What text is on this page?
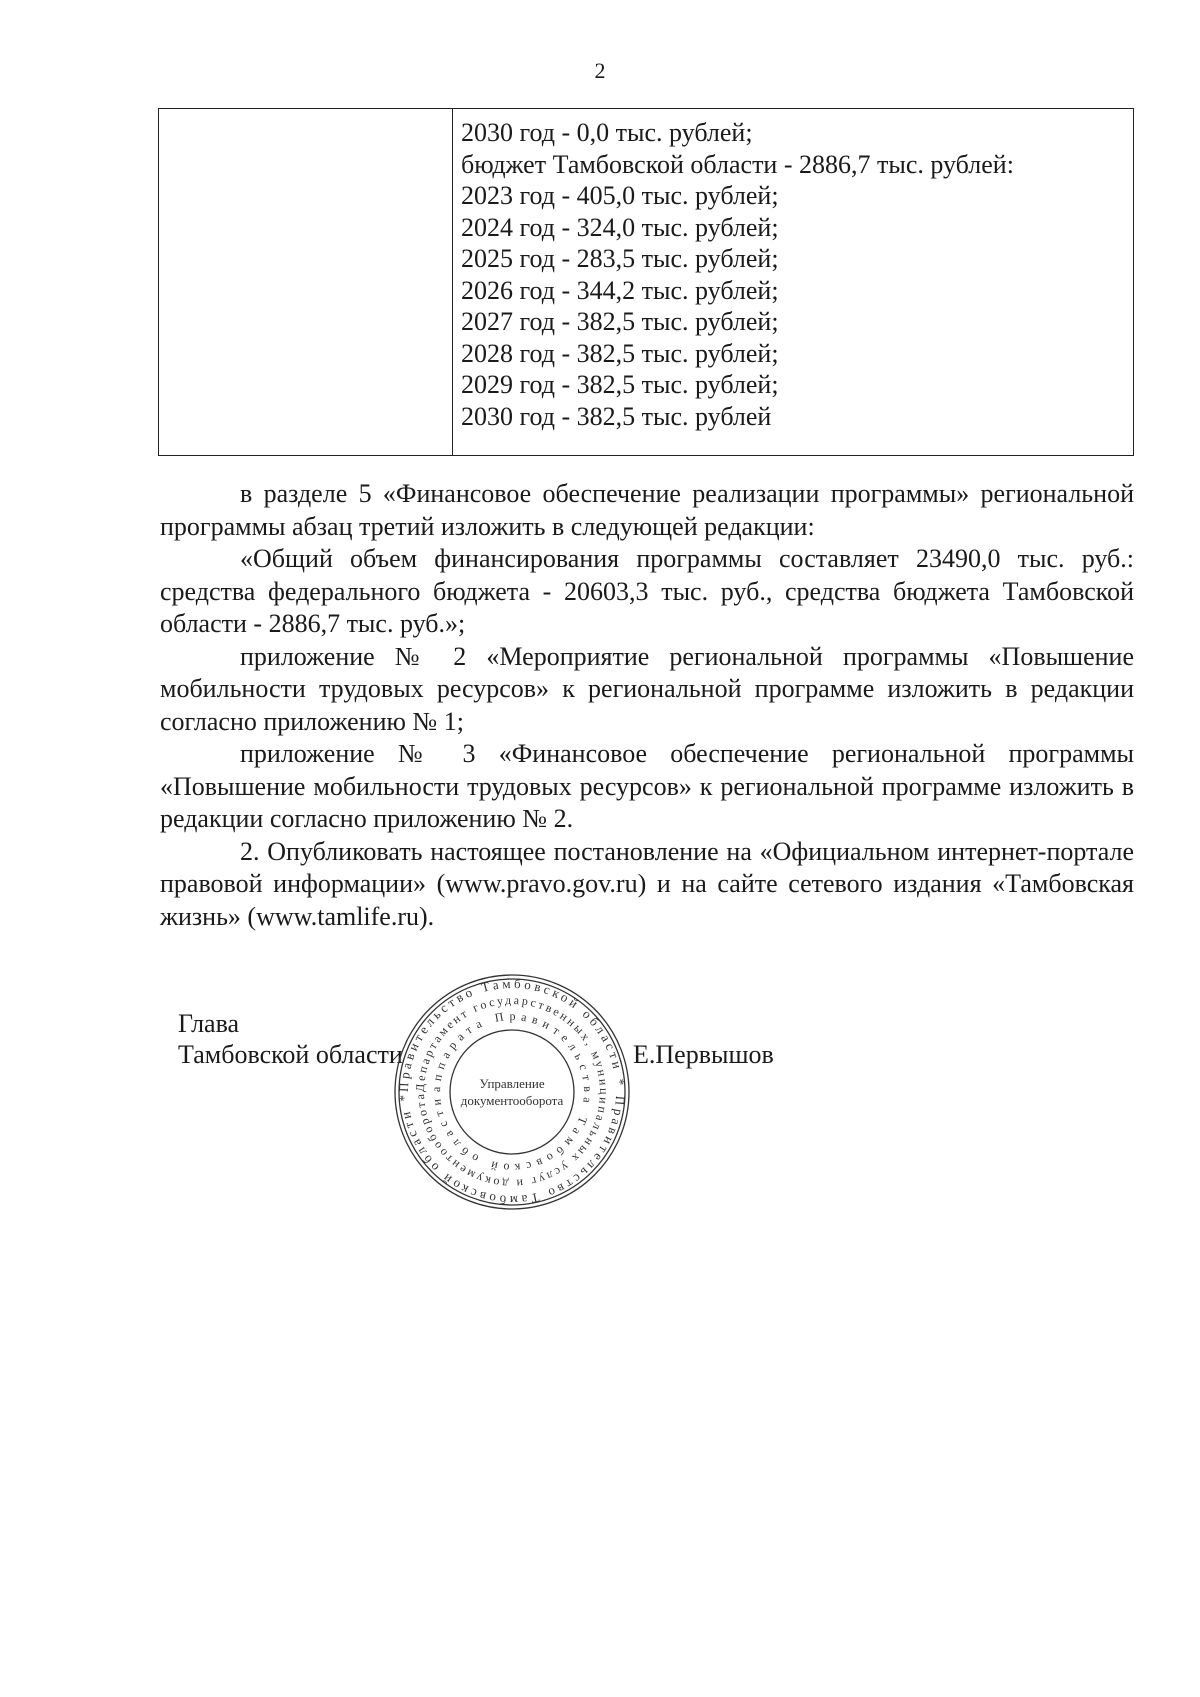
2
2030 год - 0,0 тыс. рублей;
бюджет Тамбовской области - 2886,7 тыс. рублей:
2023 год - 405,0 тыс. рублей;
2024 год - 324,0 тыс. рублей;
2025 год - 283,5 тыс. рублей;
2026 год - 344,2 тыс. рублей;
2027 год - 382,5 тыс. рублей;
2028 год - 382,5 тыс. рублей;
2029 год - 382,5 тыс. рублей;
2030 год - 382,5 тыс. рублей

в разделе 5 «Финансовое обеспечение реализации программы» региональной программы абзац третий изложить в следующей редакции:

«Общий объем финансирования программы составляет 23490,0 тыс. руб.: средства федерального бюджета - 20603,3 тыс. руб., средства бюджета Тамбовской области - 2886,7 тыс. руб.»;

приложение № 2 «Мероприятие региональной программы «Повышение мобильности трудовых ресурсов» к региональной программе изложить в редакции согласно приложению № 1;

приложение № 3 «Финансовое обеспечение региональной программы «Повышение мобильности трудовых ресурсов» к региональной программе изложить в редакции согласно приложению № 2.

2. Опубликовать настоящее постановление на «Официальном интернет-портале правовой информации» (www.pravo.gov.ru) и на сайте сетевого издания «Тамбовская жизнь» (www.tamlife.ru).

Глава
Тамбовской области
Правительство Тамбовской области * Правительство Тамбовской области *
Департамент государственных, муниципальных услуг и документооборота
аппарата Правительства Тамбовской области
Управление
документооборота
Е.Первышов
